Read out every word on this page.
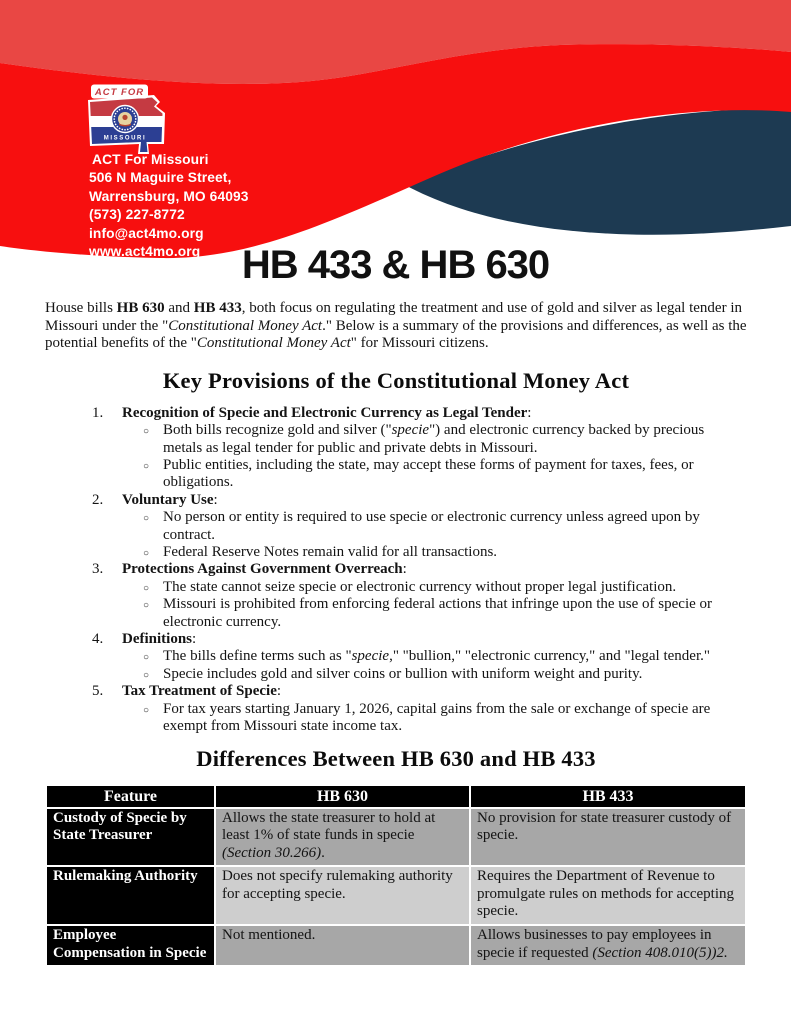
MISSOURI
ACT FOR
ACT For Missouri
506 N Maguire Street,
Warrensburg, MO 64093
(573) 227-8772
info@act4mo.org
www.act4mo.org	HB 433 & HB 630

House bills HB 630 and HB 433, both focus on regulating the treatment and use of gold and silver as legal tender in Missouri under the "Constitutional Money Act." Below is a summary of the provisions and differences, as well as the potential benefits of the "Constitutional Money Act" for Missouri citizens.

Key Provisions of the Constitutional Money Act
1.	Recognition of Specie and Electronic Currency as Legal Tender:
○ Both bills recognize gold and silver ("specie") and electronic currency backed by precious metals as legal tender for public and private debts in Missouri.
○ Public entities, including the state, may accept these forms of payment for taxes, fees, or obligations.
2.	Voluntary Use:
○ No person or entity is required to use specie or electronic currency unless agreed upon by contract.
○ Federal Reserve Notes remain valid for all transactions.
3.	Protections Against Government Overreach:
○ The state cannot seize specie or electronic currency without proper legal justification.
○ Missouri is prohibited from enforcing federal actions that infringe upon the use of specie or electronic currency.
4.	Definitions:
○ The bills define terms such as "specie," "bullion," "electronic currency," and "legal tender."
○ Specie includes gold and silver coins or bullion with uniform weight and purity.
5.	Tax Treatment of Specie:
○ For tax years starting January 1, 2026, capital gains from the sale or exchange of specie are exempt from Missouri state income tax.
Differences Between HB 630 and HB 433
Feature	HB 630	HB 433
Custody of Specie by State Treasurer	Allows the state treasurer to hold at least 1% of state funds in specie (Section 30.266).	No provision for state treasurer custody of specie.
Rulemaking Authority	Does not specify rulemaking authority for accepting specie.	Requires the Department of Revenue to promulgate rules on methods for accepting specie.
Employee Compensation in Specie	Not mentioned.	Allows businesses to pay employees in specie if requested (Section 408.010(5))2.
